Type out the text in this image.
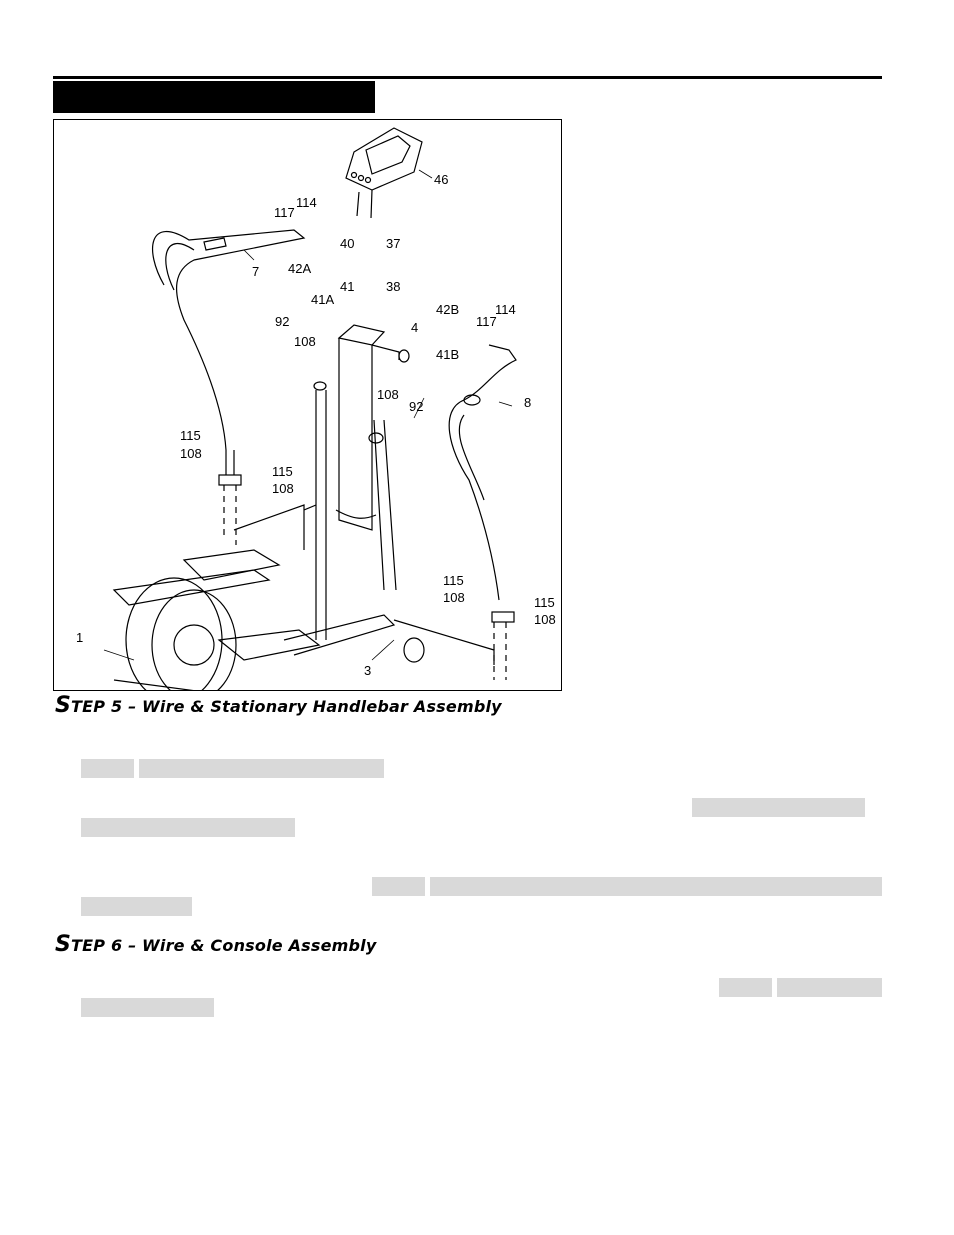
46
114
117
40 37
7 42A
41 38
41A
92	4
108
41B
42B
117
114
108
92	8
115
108
115
108
115
108	115
108
1
3
STEP 5 – Wire & Stationary Handlebar Assembly
STEP 6 – Wire & Console Assembly
